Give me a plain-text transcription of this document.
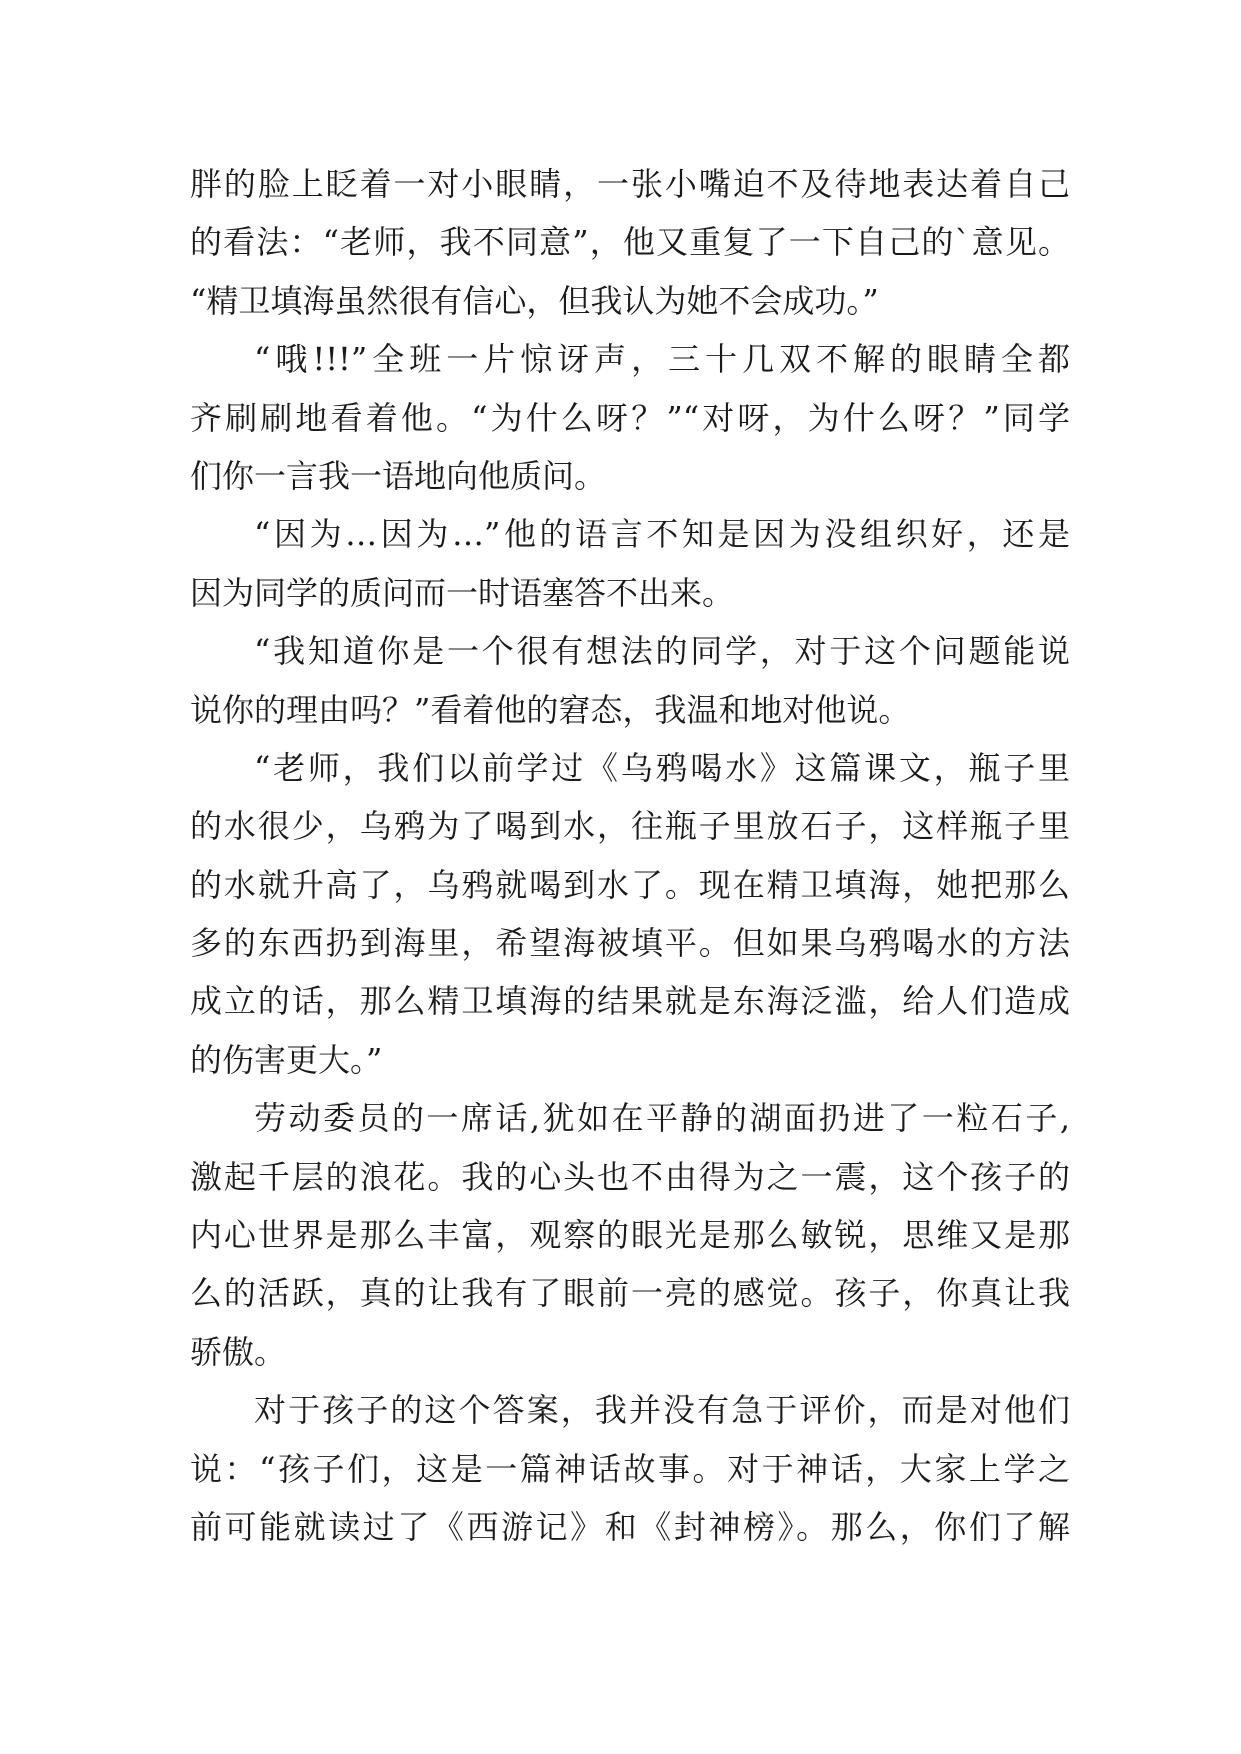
胖的脸上眨着一对小眼睛，一张小嘴迫不及待地表达着自己
的看法：“老师，我不同意”，他又重复了一下自己的`意见。
“精卫填海虽然很有信心，但我认为她不会成功。”
“哦!!!”全班一片惊讶声，三十几双不解的眼睛全都
齐刷刷地看着他。“为什么呀？”“对呀，为什么呀？”同学
们你一言我一语地向他质问。
“因为…因为…”他的语言不知是因为没组织好，还是
因为同学的质问而一时语塞答不出来。
“我知道你是一个很有想法的同学，对于这个问题能说
说你的理由吗？”看着他的窘态，我温和地对他说。
“老师，我们以前学过《乌鸦喝水》这篇课文，瓶子里
的水很少，乌鸦为了喝到水，往瓶子里放石子，这样瓶子里
的水就升高了，乌鸦就喝到水了。现在精卫填海，她把那么
多的东西扔到海里，希望海被填平。但如果乌鸦喝水的方法
成立的话，那么精卫填海的结果就是东海泛滥，给人们造成
的伤害更大。”
劳动委员的一席话,犹如在平静的湖面扔进了一粒石子,
激起千层的浪花。我的心头也不由得为之一震，这个孩子的
内心世界是那么丰富，观察的眼光是那么敏锐，思维又是那
么的活跃，真的让我有了眼前一亮的感觉。孩子，你真让我
骄傲。
对于孩子的这个答案，我并没有急于评价，而是对他们
说：“孩子们，这是一篇神话故事。对于神话，大家上学之
前可能就读过了《西游记》和《封神榜》。那么，你们了解
